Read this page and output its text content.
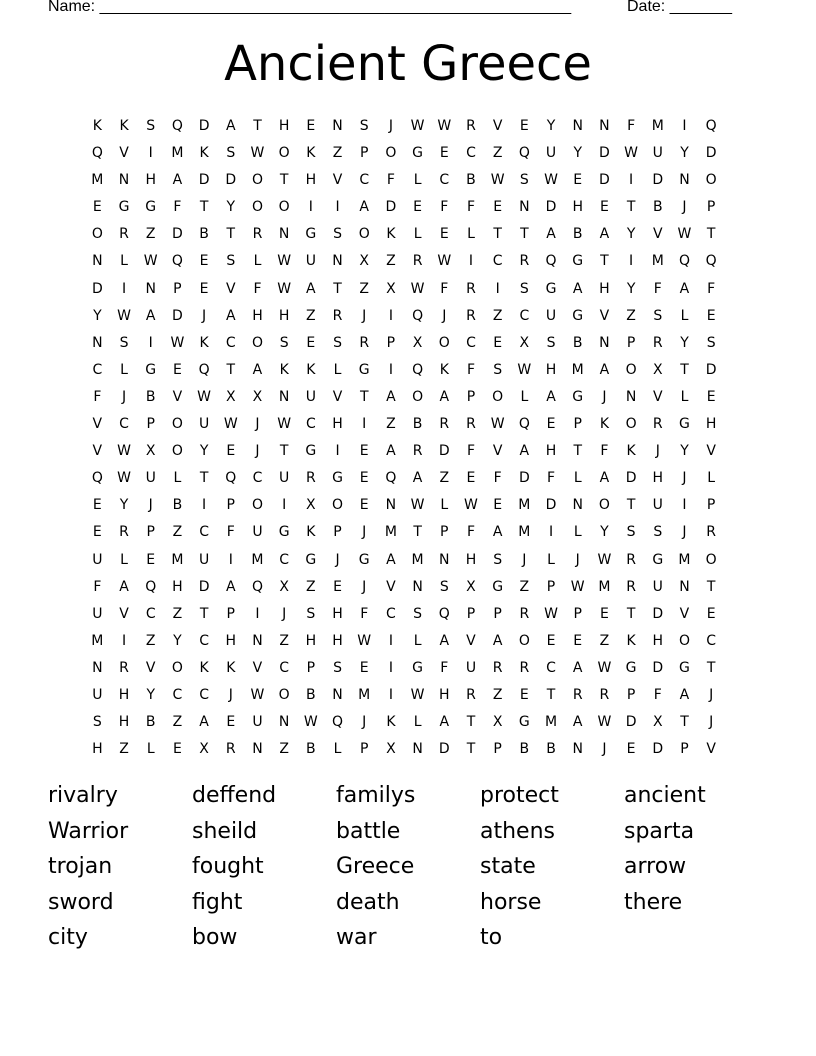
Name: _____________________________________________________	Date: _______
Ancient Greece
K	K	S	Q	D	A	T	H	E	N	S	J	W W	R	V	E	Y	N	N	F	M	I	Q
Q	V	I	M	K	S	W	O	K	Z	P	O	G	E	C	Z	Q	U	Y	D	W	U	Y	D
M	N	H	A	D	D	O	T	H	V	C	F	L	C	B	W	S	W	E	D	I	D	N	O
E	G	G	F	T	Y	O	O	I	I	A	D	E	F	F	E	N	D	H	E	T	B	J	P
O	R	Z	D	B	T	R	N	G	S	O	K	L	E	L	T	T	A	B	A	Y	V	W	T
N	L	W	Q	E	S	L	W	U	N	X	Z	R	W	I	C	R	Q	G	T	I	M	Q	Q
D	I	N	P	E	V	F	W	A	T	Z	X	W	F	R	I	S	G	A	H	Y	F	A	F
Y	W	A	D	J	A	H	H	Z	R	J	I	Q	J	R	Z	C	U	G	V	Z	S	L	E
N	S	I	W	K	C	O	S	E	S	R	P	X	O	C	E	X	S	B	N	P	R	Y	S
C	L	G	E	Q	T	A	K	K	L	G	I	Q	K	F	S	W	H	M	A	O	X	T	D
F	J	B	V	W	X	X	N	U	V	T	A	O	A	P	O	L	A	G	J	N	V	L	E
V	C	P	O	U	W	J	W	C	H	I	Z	B	R	R	W	Q	E	P	K	O	R	G	H
V	W	X	O	Y	E	J	T	G	I	E	A	R	D	F	V	A	H	T	F	K	J	Y	V
Q	W	U	L	T	Q	C	U	R	G	E	Q	A	Z	E	F	D	F	L	A	D	H	J	L
E	Y	J	B	I	P	O	I	X	O	E	N	W	L	W	E	M	D	N	O	T	U	I	P
E	R	P	Z	C	F	U	G	K	P	J	M	T	P	F	A	M	I	L	Y	S	S	J	R
U	L	E	M	U	I	M	C	G	J	G	A	M	N	H	S	J	L	J	W	R	G	M	O
F	A	Q	H	D	A	Q	X	Z	E	J	V	N	S	X	G	Z	P	W M	R	U	N	T
U	V	C	Z	T	P	I	J	S	H	F	C	S	Q	P	P	R	W	P	E	T	D	V	E
M	I	Z	Y	C	H	N	Z	H	H	W	I	L	A	V	A	O	E	E	Z	K	H	O	C
N	R	V	O	K	K	V	C	P	S	E	I	G	F	U	R	R	C	A	W	G	D	G	T
U	H	Y	C	C	J	W	O	B	N	M	I	W	H	R	Z	E	T	R	R	P	F	A	J
S	H	B	Z	A	E	U	N	W	Q	J	K	L	A	T	X	G	M	A	W	D	X	T	J
H	Z	L	E	X	R	N	Z	B	L	P	X	N	D	T	P	B	B	N	J	E	D	P	V
rivalry	deffend	familys	protect	ancient
Warrior	sheild	battle	athens	sparta
trojan	fought	Greece	state	arrow
sword	fight	death	horse	there
city	bow	war	to
